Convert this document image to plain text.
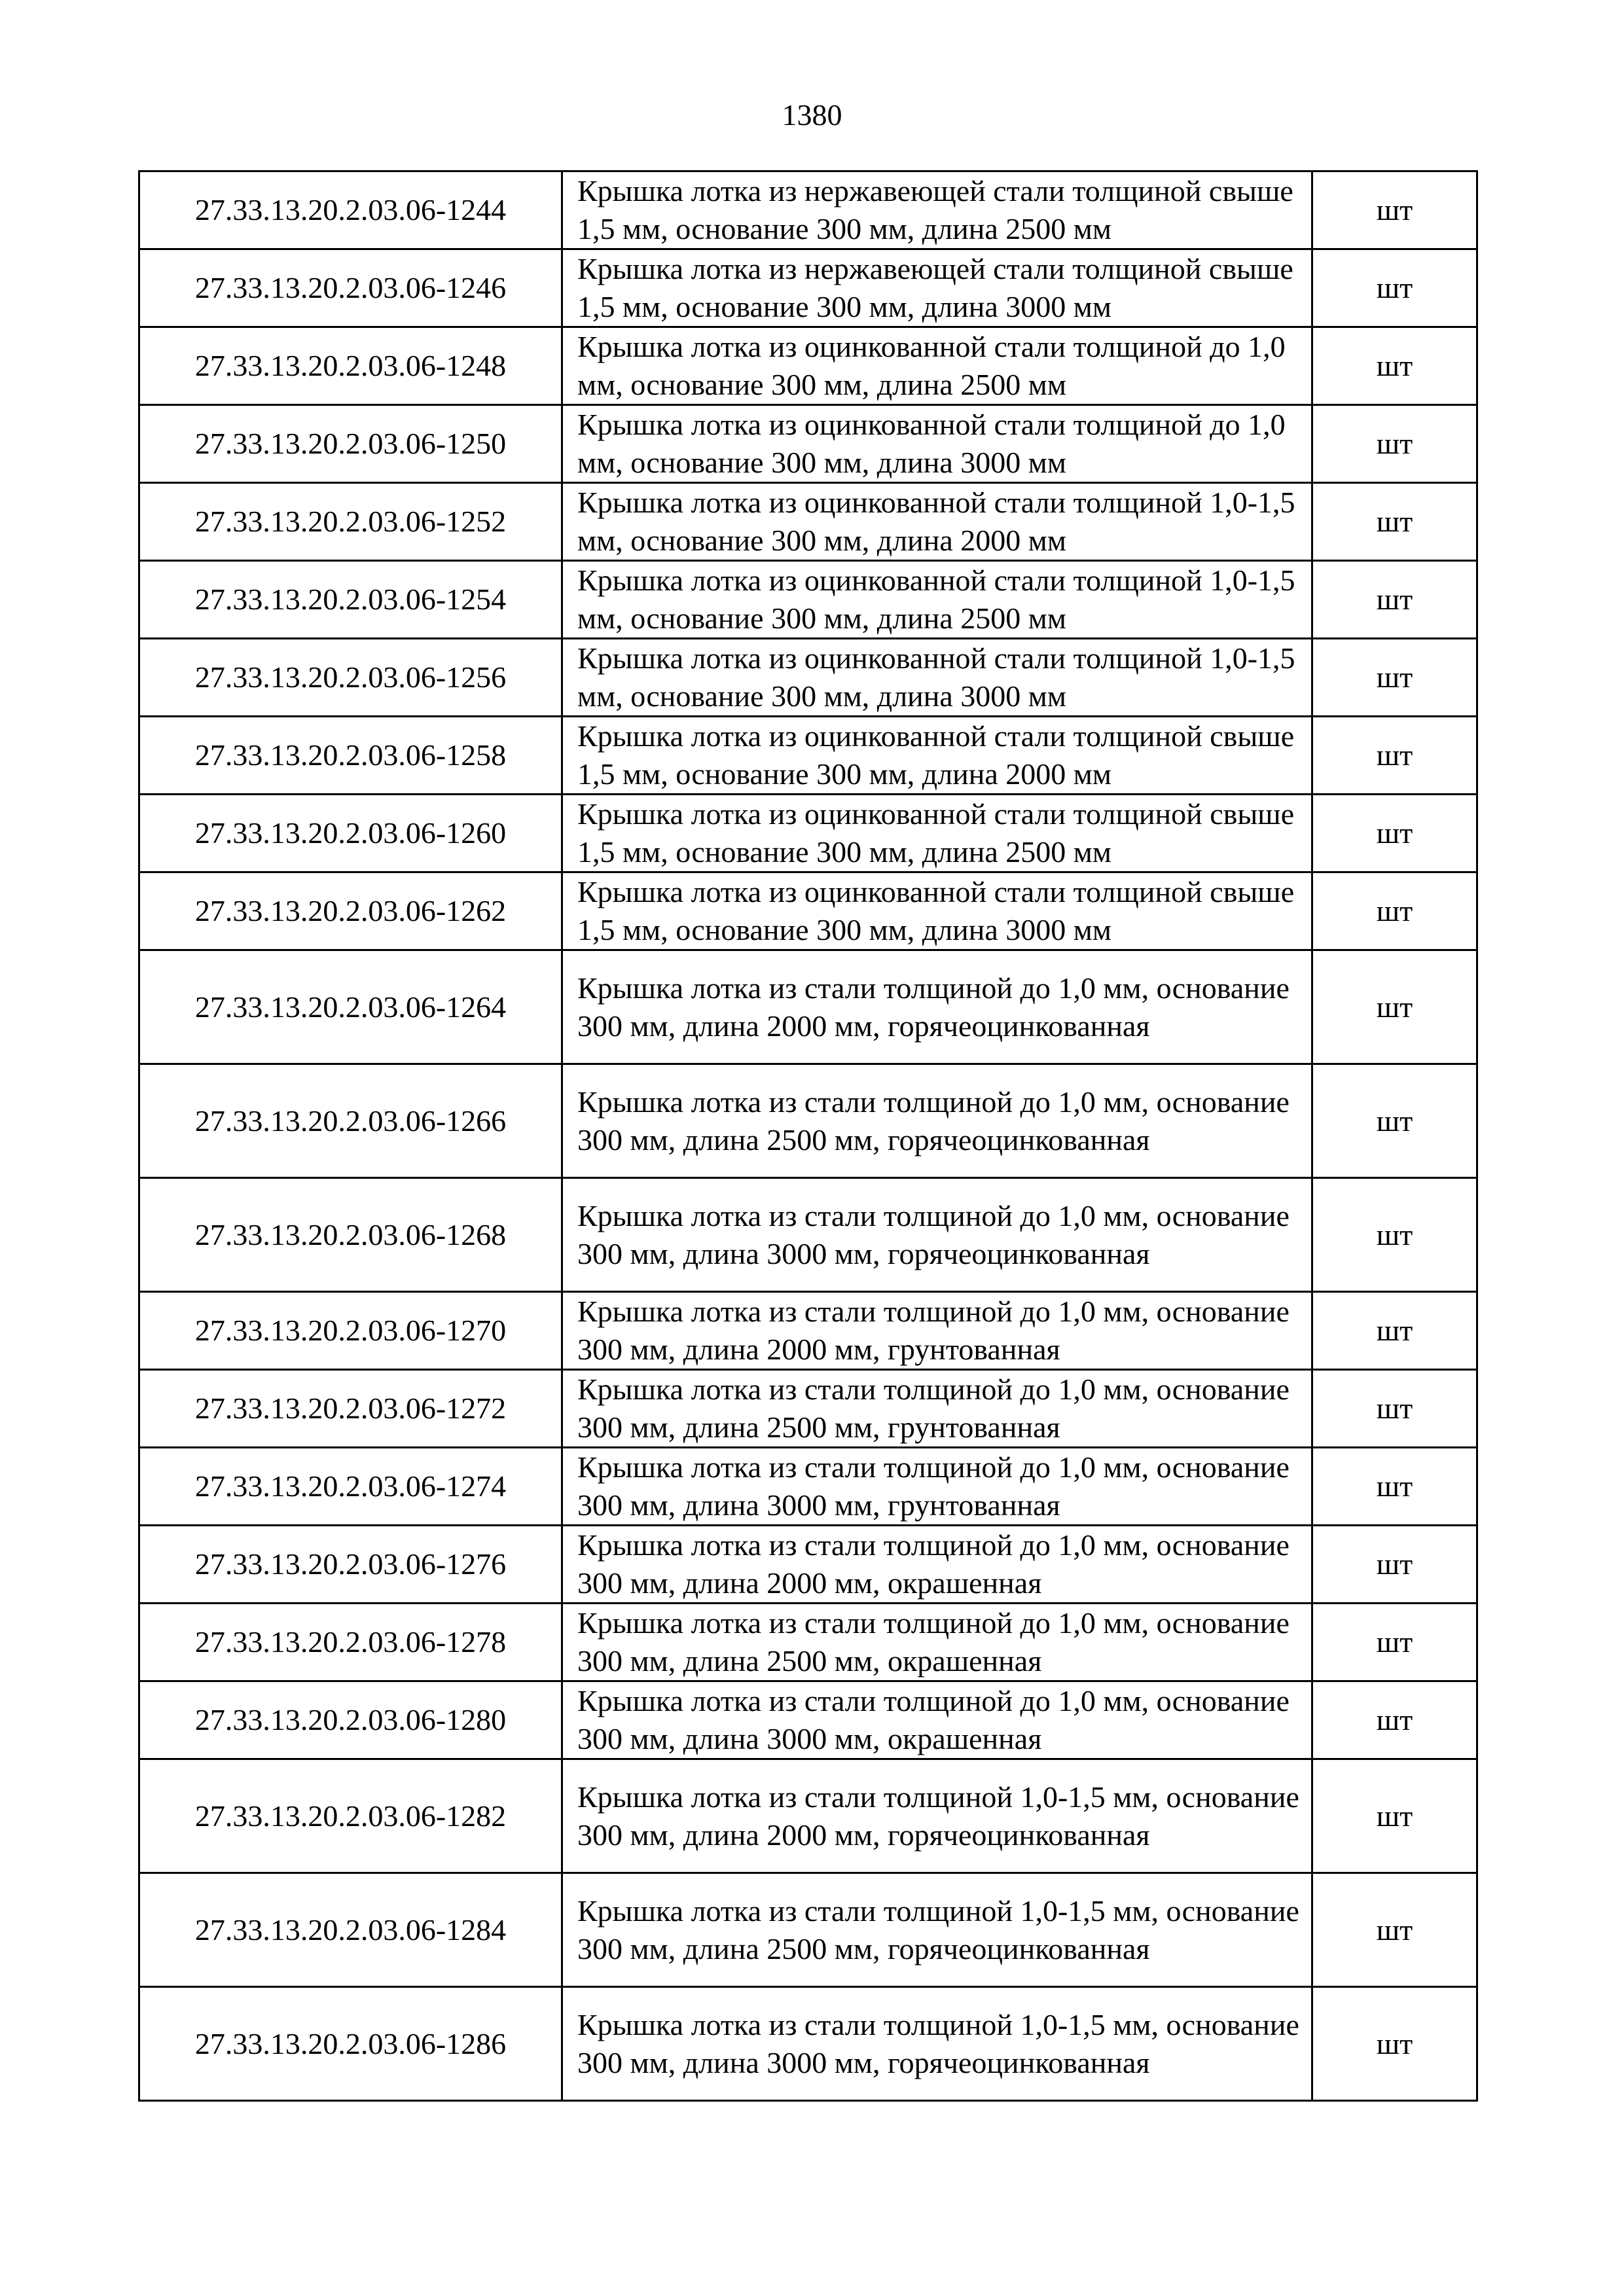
1380
27.33.13.20.2.03.06-1244	Крышка лотка из нержавеющей стали толщиной свыше 1,5 мм, основание 300 мм, длина 2500 мм	шт
27.33.13.20.2.03.06-1246	Крышка лотка из нержавеющей стали толщиной свыше 1,5 мм, основание 300 мм, длина 3000 мм	шт
27.33.13.20.2.03.06-1248	Крышка лотка из оцинкованной стали толщиной до 1,0 мм, основание 300 мм, длина 2500 мм	шт
27.33.13.20.2.03.06-1250	Крышка лотка из оцинкованной стали толщиной до 1,0 мм, основание 300 мм, длина 3000 мм	шт
27.33.13.20.2.03.06-1252	Крышка лотка из оцинкованной стали толщиной 1,0-1,5 мм, основание 300 мм, длина 2000 мм	шт
27.33.13.20.2.03.06-1254	Крышка лотка из оцинкованной стали толщиной 1,0-1,5 мм, основание 300 мм, длина 2500 мм	шт
27.33.13.20.2.03.06-1256	Крышка лотка из оцинкованной стали толщиной 1,0-1,5 мм, основание 300 мм, длина 3000 мм	шт
27.33.13.20.2.03.06-1258	Крышка лотка из оцинкованной стали толщиной свыше 1,5 мм, основание 300 мм, длина 2000 мм	шт
27.33.13.20.2.03.06-1260	Крышка лотка из оцинкованной стали толщиной свыше 1,5 мм, основание 300 мм, длина 2500 мм	шт
27.33.13.20.2.03.06-1262	Крышка лотка из оцинкованной стали толщиной свыше 1,5 мм, основание 300 мм, длина 3000 мм	шт
27.33.13.20.2.03.06-1264	Крышка лотка из стали толщиной до 1,0 мм, основание 300 мм, длина 2000 мм, горячеоцинкованная	шт
27.33.13.20.2.03.06-1266	Крышка лотка из стали толщиной до 1,0 мм, основание 300 мм, длина 2500 мм, горячеоцинкованная	шт
27.33.13.20.2.03.06-1268	Крышка лотка из стали толщиной до 1,0 мм, основание 300 мм, длина 3000 мм, горячеоцинкованная	шт
27.33.13.20.2.03.06-1270	Крышка лотка из стали толщиной до 1,0 мм, основание 300 мм, длина 2000 мм, грунтованная	шт
27.33.13.20.2.03.06-1272	Крышка лотка из стали толщиной до 1,0 мм, основание 300 мм, длина 2500 мм, грунтованная	шт
27.33.13.20.2.03.06-1274	Крышка лотка из стали толщиной до 1,0 мм, основание 300 мм, длина 3000 мм, грунтованная	шт
27.33.13.20.2.03.06-1276	Крышка лотка из стали толщиной до 1,0 мм, основание 300 мм, длина 2000 мм, окрашенная	шт
27.33.13.20.2.03.06-1278	Крышка лотка из стали толщиной до 1,0 мм, основание 300 мм, длина 2500 мм, окрашенная	шт
27.33.13.20.2.03.06-1280	Крышка лотка из стали толщиной до 1,0 мм, основание 300 мм, длина 3000 мм, окрашенная	шт
27.33.13.20.2.03.06-1282	Крышка лотка из стали толщиной 1,0-1,5 мм, основание 300 мм, длина 2000 мм, горячеоцинкованная	шт
27.33.13.20.2.03.06-1284	Крышка лотка из стали толщиной 1,0-1,5 мм, основание 300 мм, длина 2500 мм, горячеоцинкованная	шт
27.33.13.20.2.03.06-1286	Крышка лотка из стали толщиной 1,0-1,5 мм, основание 300 мм, длина 3000 мм, горячеоцинкованная	шт
